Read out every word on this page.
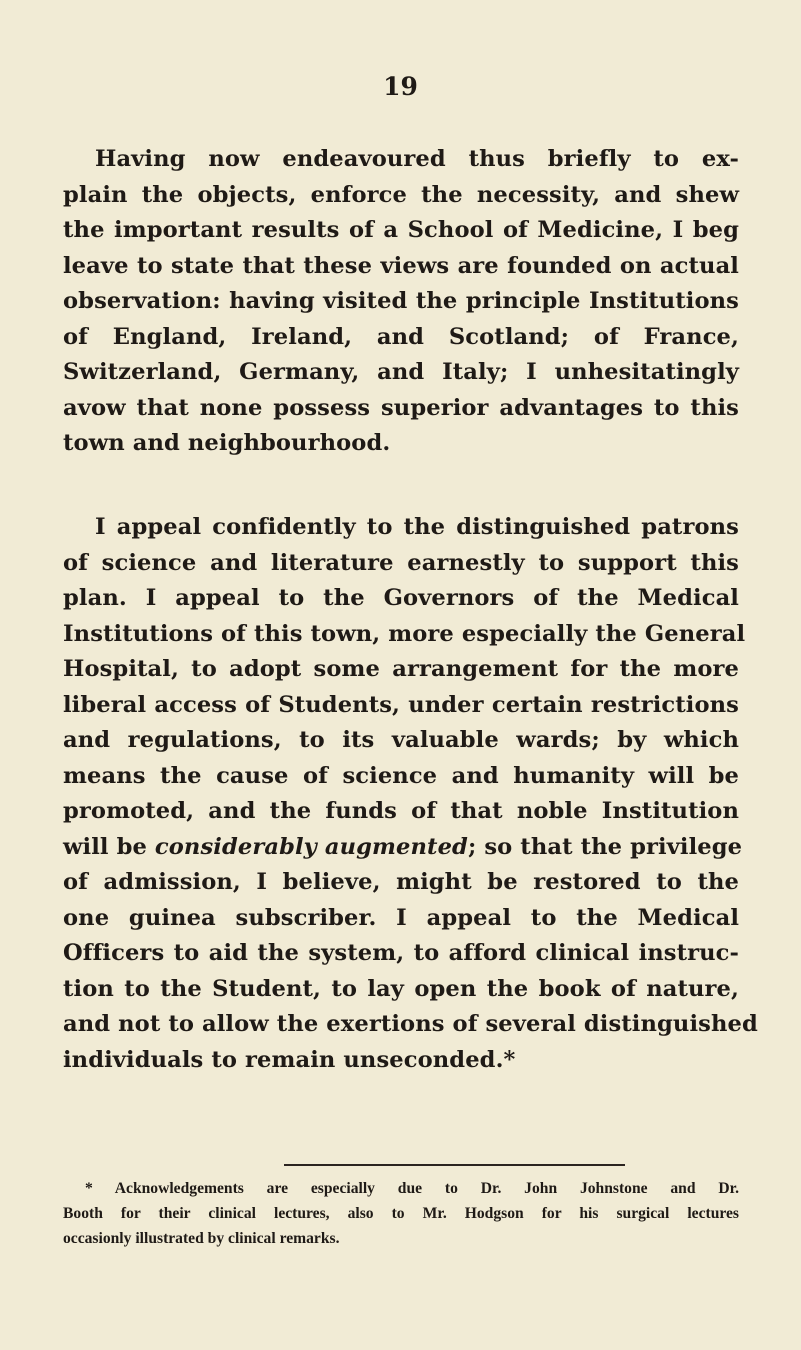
19
Having now endeavoured thus briefly to ex-
plain the objects, enforce the necessity, and shew
the important results of a School of Medicine, I beg
leave to state that these views are founded on actual
observation: having visited the principle Institutions
of England, Ireland, and Scotland; of France,
Switzerland, Germany, and Italy; I unhesitatingly
avow that none possess superior advantages to this
town and neighbourhood.
I appeal confidently to the distinguished patrons
of science and literature earnestly to support this
plan. I appeal to the Governors of the Medical
Institutions of this town, more especially the General
Hospital, to adopt some arrangement for the more
liberal access of Students, under certain restrictions
and regulations, to its valuable wards; by which
means the cause of science and humanity will be
promoted, and the funds of that noble Institution
will be considerably augmented; so that the privilege
of admission, I believe, might be restored to the
one guinea subscriber. I appeal to the Medical
Officers to aid the system, to afford clinical instruc-
tion to the Student, to lay open the book of nature,
and not to allow the exertions of several distinguished
individuals to remain unseconded.*
* Acknowledgements are especially due to Dr. John Johnstone and Dr.
Booth for their clinical lectures, also to Mr. Hodgson for his surgical lectures
occasionly illustrated by clinical remarks.
